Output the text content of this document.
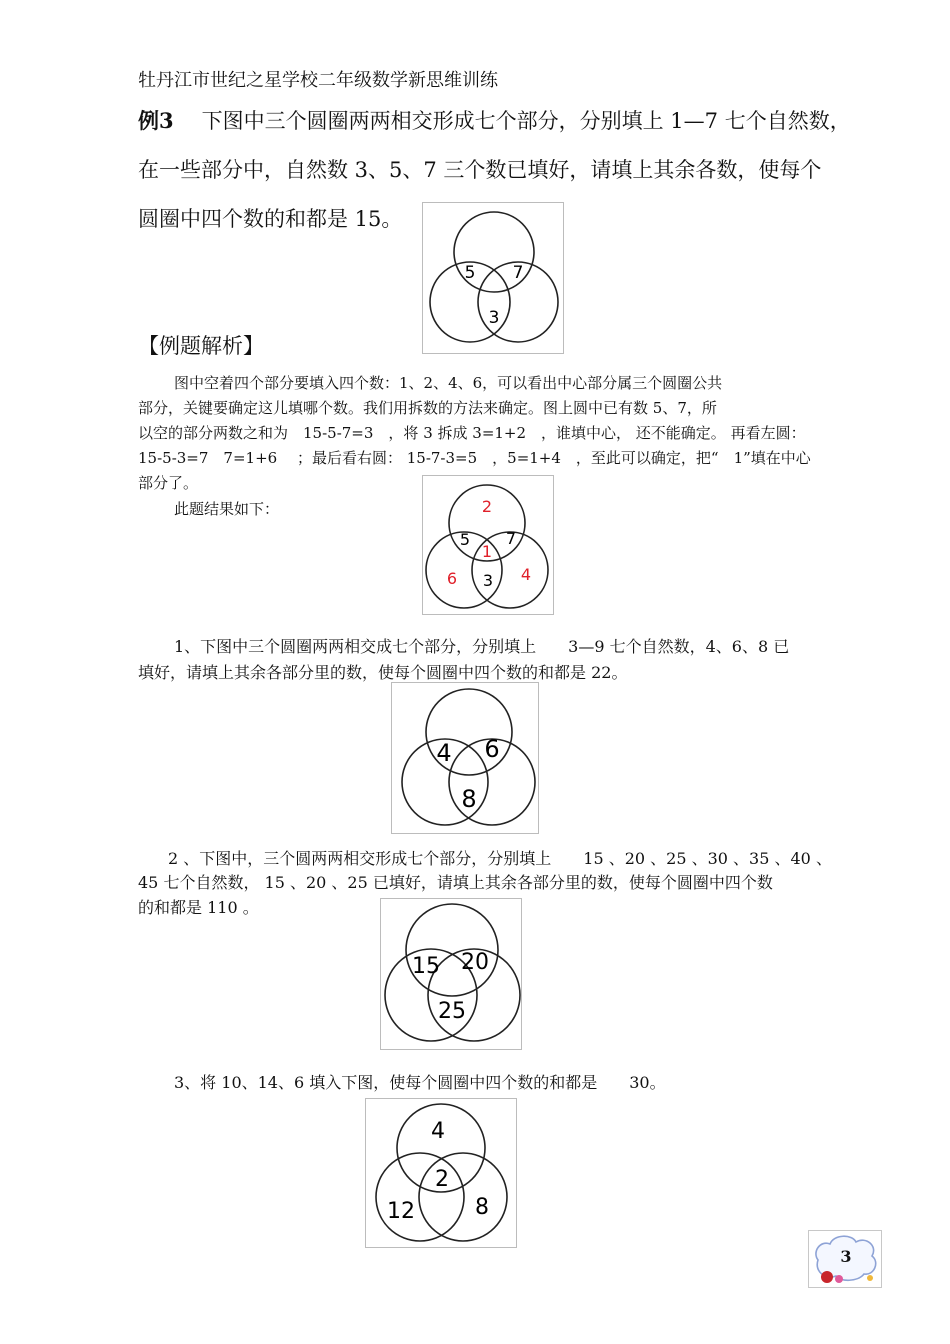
牡丹江市世纪之星学校二年级数学新思维训练
例3 下图中三个圆圈两两相交形成七个部分，分别填上 1—7 七个自然数，
在一些部分中，自然数 3、5、7 三个数已填好，请填上其余各数，使每个
圆圈中四个数的和都是 15。
5 7
3
【例题解析】
图中空着四个部分要填入四个数：1、2、4、6，可以看出中心部分属三个圆圈公共
部分，关键要确定这儿填哪个数。我们用拆数的方法来确定。图上圆中已有数 5、7，所
以空的部分两数之和为　15-5-7=3　，将 3 拆成 3=1+2　，谁填中心， 还不能确定。 再看左圆：
15-5-3=7　7=1+6　 ；最后看右圆： 15-7-3=5　，5=1+4　，至此可以确定，把“　1”填在中心
部分了。
此题结果如下：	2
5 7
1
6 3 4
1、下图中三个圆圈两两相交成七个部分，分别填上　　3—9 七个自然数，4、6、8 已
填好，请填上其余各部分里的数，使每个圆圈中四个数的和都是 22。
4 6
8
2 、下图中，三个圆两两相交形成七个部分，分别填上　　15 、20 、25 、30 、35 、40 、
45 七个自然数， 15 、20 、25 已填好，请填上其余各部分里的数，使每个圆圈中四个数
的和都是 110 。
15 20
25
3、将 10、14、6 填入下图，使每个圆圈中四个数的和都是　　30。
4
2
12	8
3
